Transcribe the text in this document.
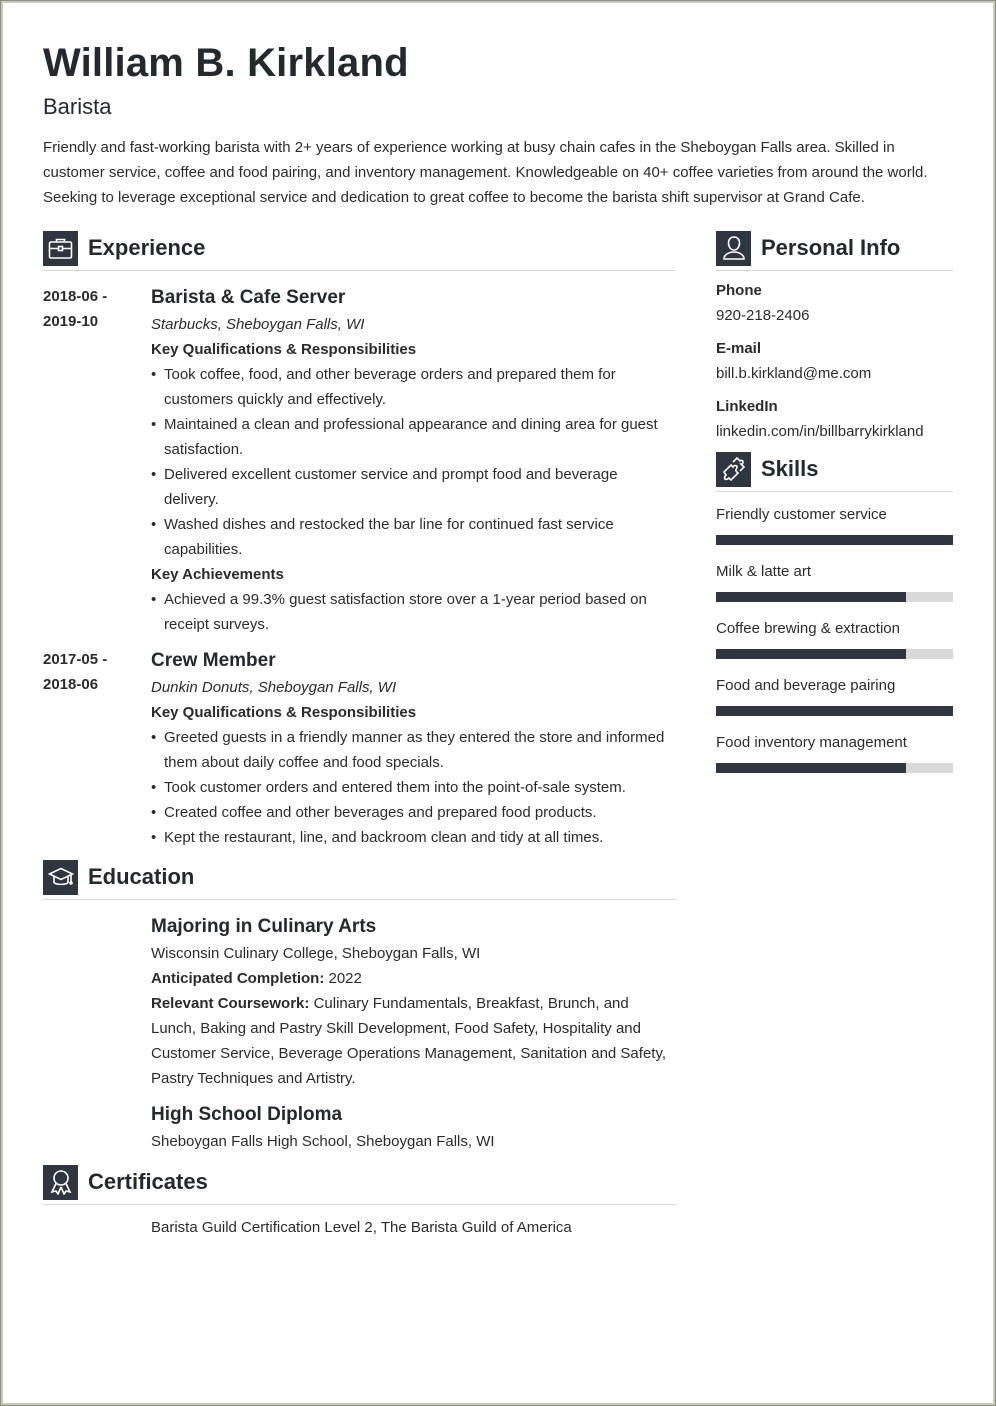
William B. Kirkland
Barista
Friendly and fast-working barista with 2+ years of experience working at busy chain cafes in the Sheboygan Falls area. Skilled in customer service, coffee and food pairing, and inventory management. Knowledgeable on 40+ coffee varieties from around the world. Seeking to leverage exceptional service and dedication to great coffee to become the barista shift supervisor at Grand Cafe.
Experience
2018-06 -
2019-10
Barista & Cafe Server
Starbucks, Sheboygan Falls, WI
Key Qualifications & Responsibilities
• Took coffee, food, and other beverage orders and prepared them for customers quickly and effectively.
• Maintained a clean and professional appearance and dining area for guest satisfaction.
• Delivered excellent customer service and prompt food and beverage delivery.
• Washed dishes and restocked the bar line for continued fast service capabilities.
Key Achievements
• Achieved a 99.3% guest satisfaction store over a 1-year period based on receipt surveys.
2017-05 -
2018-06
Crew Member
Dunkin Donuts, Sheboygan Falls, WI
Key Qualifications & Responsibilities
• Greeted guests in a friendly manner as they entered the store and informed them about daily coffee and food specials.
• Took customer orders and entered them into the point-of-sale system.
• Created coffee and other beverages and prepared food products.
• Kept the restaurant, line, and backroom clean and tidy at all times.
Education
Majoring in Culinary Arts
Wisconsin Culinary College, Sheboygan Falls, WI
Anticipated Completion: 2022
Relevant Coursework: Culinary Fundamentals, Breakfast, Brunch, and Lunch, Baking and Pastry Skill Development, Food Safety, Hospitality and Customer Service, Beverage Operations Management, Sanitation and Safety, Pastry Techniques and Artistry.
High School Diploma
Sheboygan Falls High School, Sheboygan Falls, WI
Certificates
Barista Guild Certification Level 2, The Barista Guild of America
Personal Info
Phone
920-218-2406
E-mail
bill.b.kirkland@me.com
LinkedIn
linkedin.com/in/billbarrykirkland
Skills
Friendly customer service
Milk & latte art
Coffee brewing & extraction
Food and beverage pairing
Food inventory management
